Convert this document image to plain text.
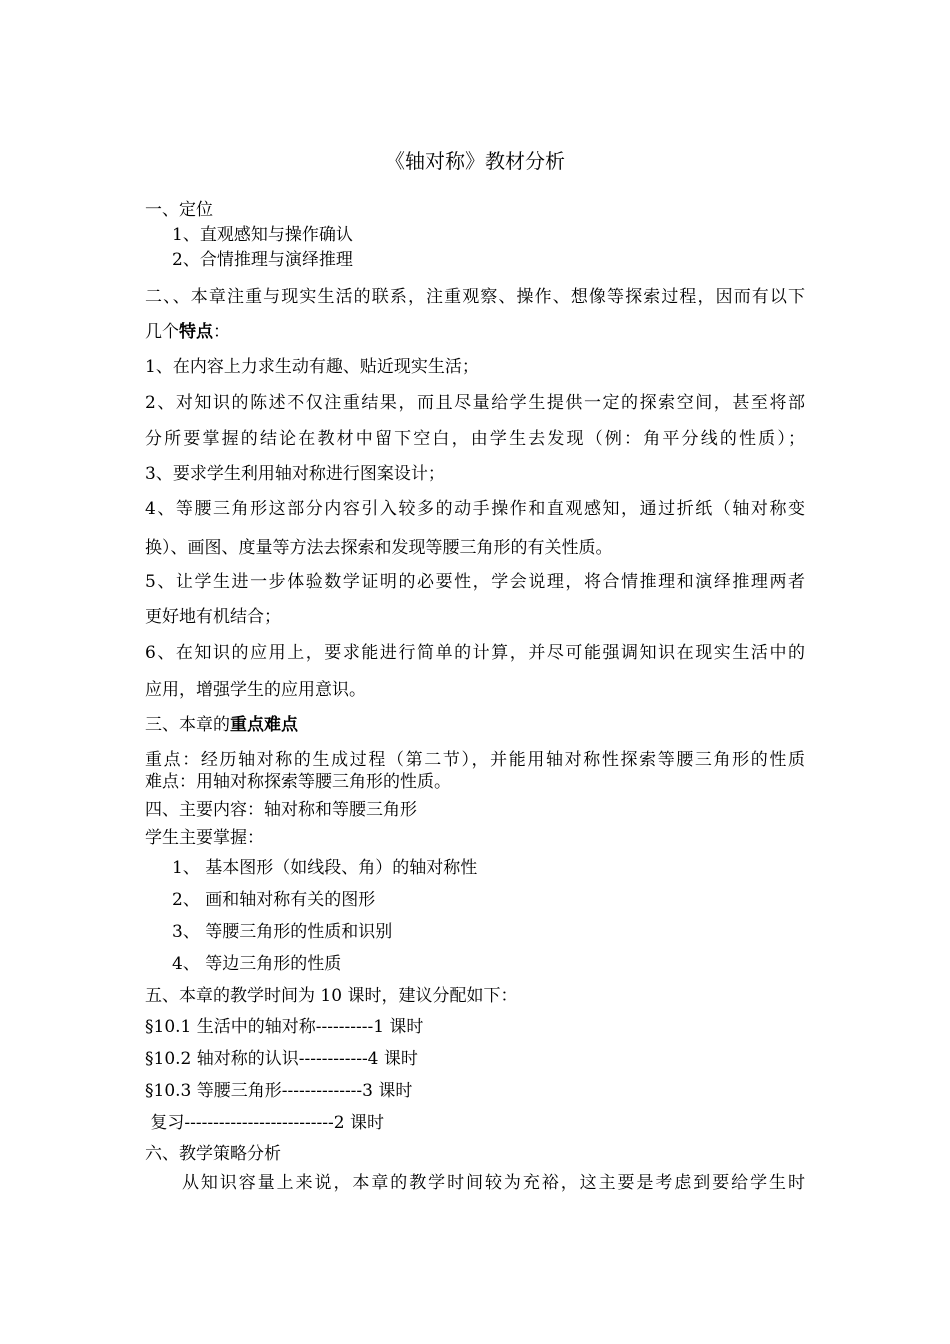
《轴对称》教材分析

一、定位

1、直观感知与操作确认

2、合情推理与演绎推理

二、、本章注重与现实生活的联系，注重观察、操作、想像等探索过程，因而有以下

几个特点：

1、在内容上力求生动有趣、贴近现实生活；

2、对知识的陈述不仅注重结果，而且尽量给学生提供一定的探索空间，甚至将部

分所要掌握的结论在教材中留下空白，由学生去发现（例：角平分线的性质）；

3、要求学生利用轴对称进行图案设计；

4、等腰三角形这部分内容引入较多的动手操作和直观感知，通过折纸（轴对称变

换）、画图、度量等方法去探索和发现等腰三角形的有关性质。

5、让学生进一步体验数学证明的必要性，学会说理，将合情推理和演绎推理两者

更好地有机结合；

6、在知识的应用上，要求能进行简单的计算，并尽可能强调知识在现实生活中的

应用，增强学生的应用意识。

三、本章的重点难点

重点：经历轴对称的生成过程（第二节），并能用轴对称性探索等腰三角形的性质

难点：用轴对称探索等腰三角形的性质。

四、主要内容：轴对称和等腰三角形

学生主要掌握：

1、 基本图形（如线段、角）的轴对称性

2、 画和轴对称有关的图形

3、 等腰三角形的性质和识别

4、 等边三角形的性质

五、本章的教学时间为 10 课时，建议分配如下：

§10.1 生活中的轴对称----------1 课时

§10.2 轴对称的认识------------4 课时

§10.3 等腰三角形--------------3 课时

复习--------------------------2 课时

六、教学策略分析

从知识容量上来说，本章的教学时间较为充裕，这主要是考虑到要给学生时
